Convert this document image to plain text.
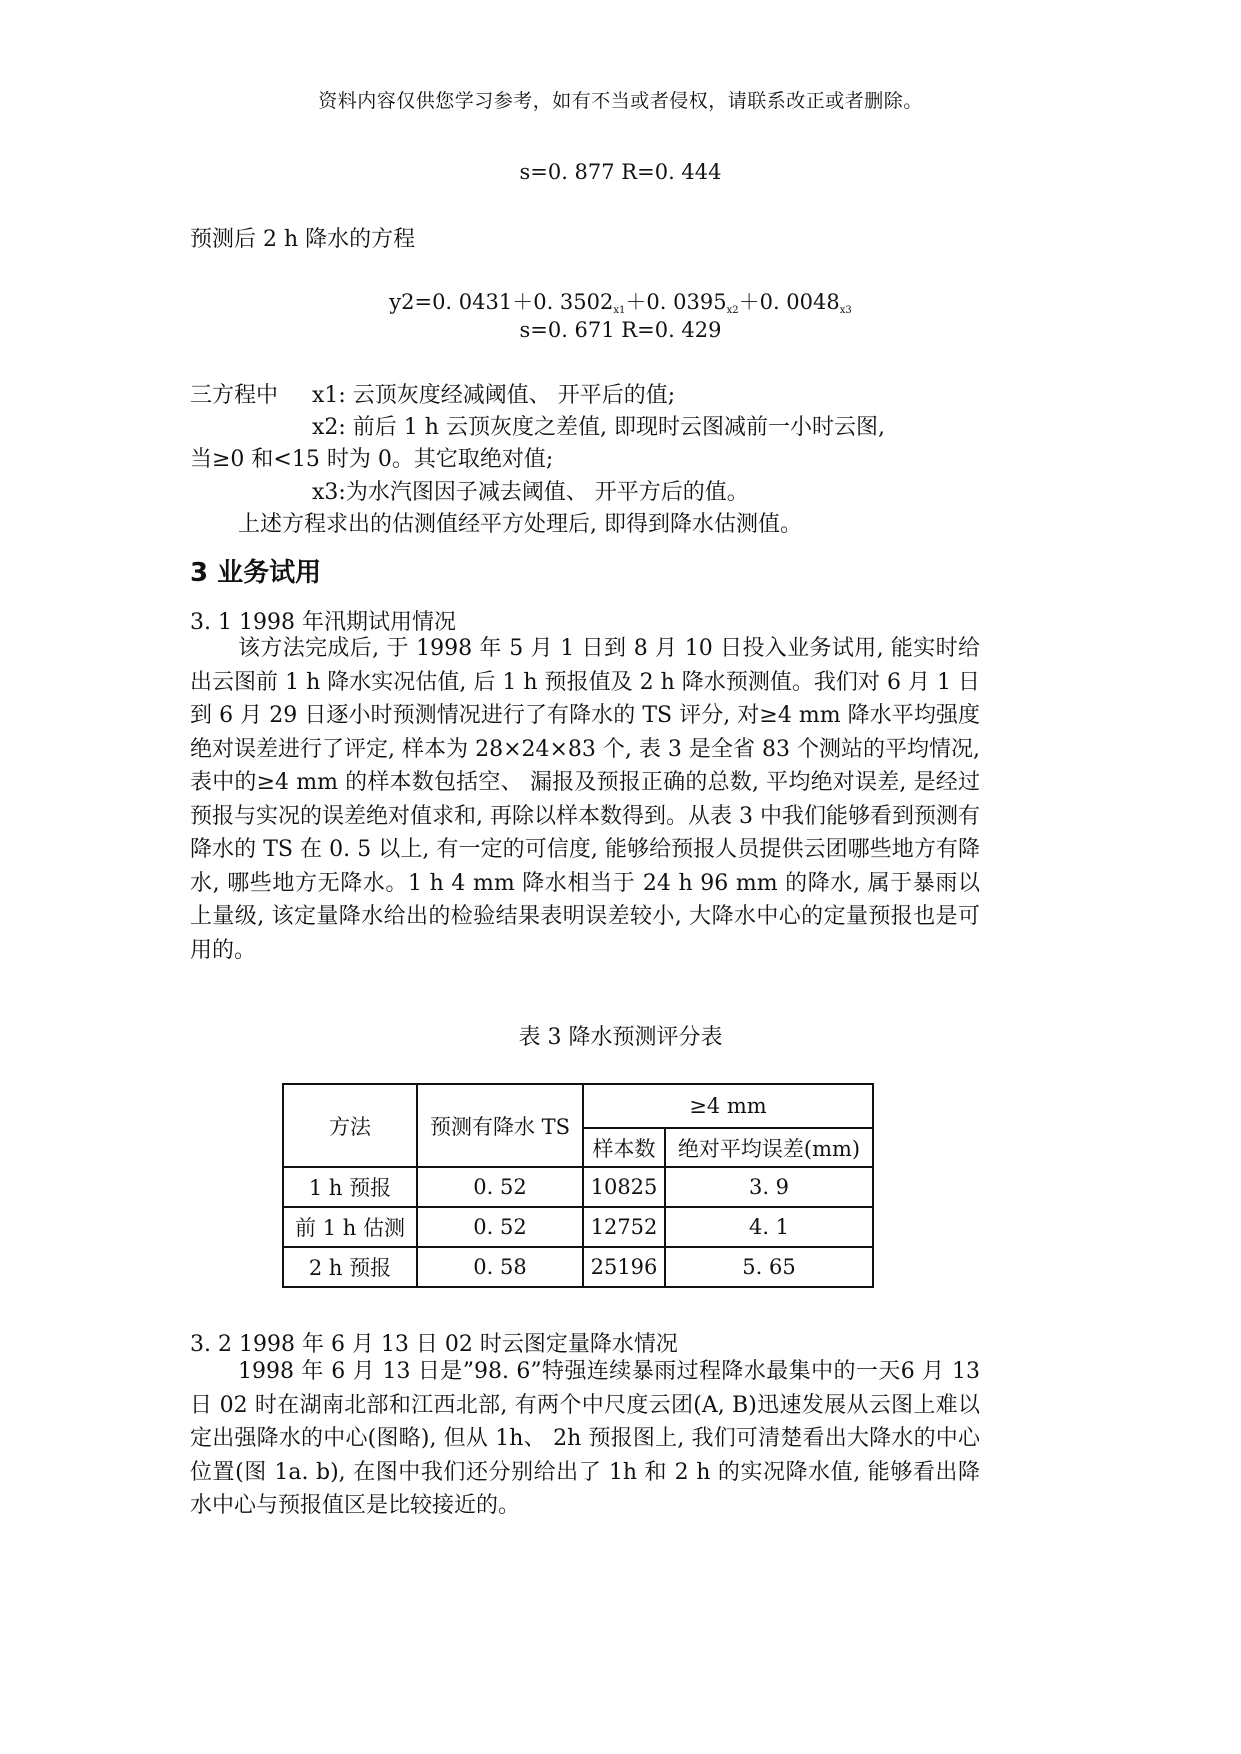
资料内容仅供您学习参考，如有不当或者侵权，请联系改正或者删除。
s=0. 877 R=0. 444
预测后 2 h 降水的方程
y2=0. 0431＋0. $3502_{x1}+0$. $0395_{x2}+0$. $0048_{x3}$
s=0. 671 R=0. 429
三方程中 x1: 云顶灰度经减阈值、 开平后的值;
x2: 前后 1 h 云顶灰度之差值, 即现时云图减前一小时云图,
当≥0 和<15 时为 0。其它取绝对值;
x3:为水汽图因子减去阈值、 开平方后的值。
上述方程求出的估测值经平方处理后, 即得到降水估测值。
3 业务试用
3. 1 1998 年汛期试用情况

该方法完成后, 于 1998 年 5 月 1 日到 8 月 10 日投入业务试用, 能实时给出云图前 1 h 降水实况估值, 后 1 h 预报值及 2 h 降水预测值。我们对 6 月 1 日到 6 月 29 日逐小时预测情况进行了有降水的 TS 评分, 对≥4 mm 降水平均强度绝对误差进行了评定, 样本为 28×24×83 个, 表 3 是全省 83 个测站的平均情况, 表中的≥4 mm 的样本数包括空、 漏报及预报正确的总数, 平均绝对误差, 是经过预报与实况的误差绝对值求和, 再除以样本数得到。从表 3 中我们能够看到预测有降水的 TS 在 0. 5 以上, 有一定的可信度, 能够给预报人员提供云团哪些地方有降水, 哪些地方无降水。1 h 4 mm 降水相当于 24 h 96 mm 的降水, 属于暴雨以上量级, 该定量降水给出的检验结果表明误差较小, 大降水中心的定量预报也是可用的。

表 3 降水预测评分表
方法	预测有降水 TS	≥4 mm	
		样本数	绝对平均误差(mm)
1 h 预报	0. 52	10825	3. 9
前 1 h 估测	0. 52	12752	4. 1
2 h 预报	0. 58	25196	5. 65
3. 2 1998 年 6 月 13 日 02 时云图定量降水情况

1998 年 6 月 13 日是”98. 6”特强连续暴雨过程降水最集中的一天6 月 13 日 02 时在湖南北部和江西北部, 有两个中尺度云团(A, B)迅速发展从云图上难以定出强降水的中心(图略), 但从 1h、 2h 预报图上, 我们可清楚看出大降水的中心位置(图 1a. b), 在图中我们还分别给出了 1h 和 2 h 的实况降水值, 能够看出降水中心与预报值区是比较接近的。
